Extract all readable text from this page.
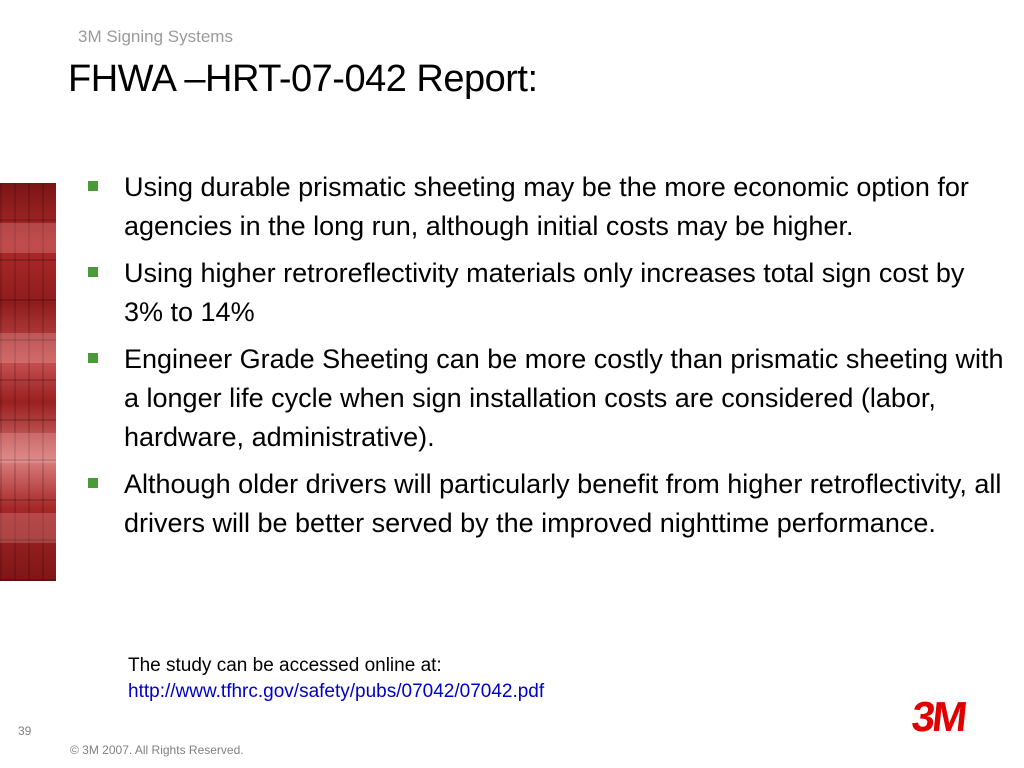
3M Signing Systems
FHWA –HRT-07-042 Report:
Using durable prismatic sheeting may be the more economic option for agencies in the long run, although initial costs may be higher.
Using higher retroreflectivity materials only increases total sign cost by 3% to 14%
Engineer Grade Sheeting can be more costly than prismatic sheeting with a longer life cycle when sign installation costs are considered (labor, hardware, administrative).
Although older drivers will particularly benefit from higher retroflectivity, all drivers will be better served by the improved nighttime performance.
The study can be accessed online at:
http://www.tfhrc.gov/safety/pubs/07042/07042.pdf
39
© 3M 2007. All Rights Reserved.
3M
